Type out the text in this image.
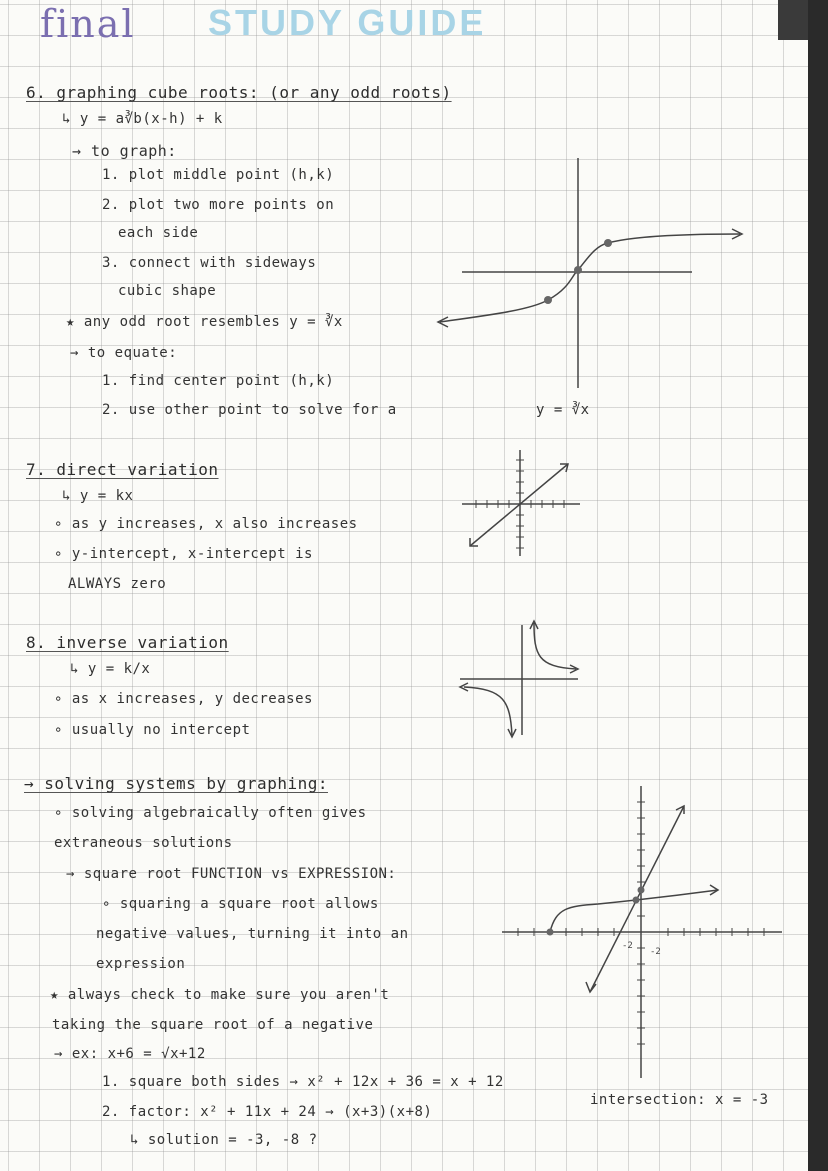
final STUDY GUIDE
6. graphing cube roots: (or any odd roots)
↳ y = a∛b(x-h) + k
→ to graph:
1. plot middle point (h,k)
2. plot two more points on
each side
3. connect with sideways
cubic shape
★ any odd root resembles y = ∛x
→ to equate:
1. find center point (h,k)
2. use other point to solve for a	y = ∛x
7. direct variation
↳ y = kx
∘ as y increases, x also increases
∘ y-intercept, x-intercept is
ALWAYS zero
8. inverse variation
↳ y = k/x
∘ as x increases, y decreases
∘ usually no intercept
→ solving systems by graphing:
∘ solving algebraically often gives
extraneous solutions
→ square root FUNCTION vs EXPRESSION:
∘ squaring a square root allows
negative values, turning it into an
expression
★ always check to make sure you aren't
taking the square root of a negative
→ ex: x+6 = √x+12
1. square both sides → x² + 12x + 36 = x + 12
2. factor: x² + 11x + 24 → (x+3)(x+8)
↳ solution = -3, -8 ?
intersection: x = -3
-2
-2
